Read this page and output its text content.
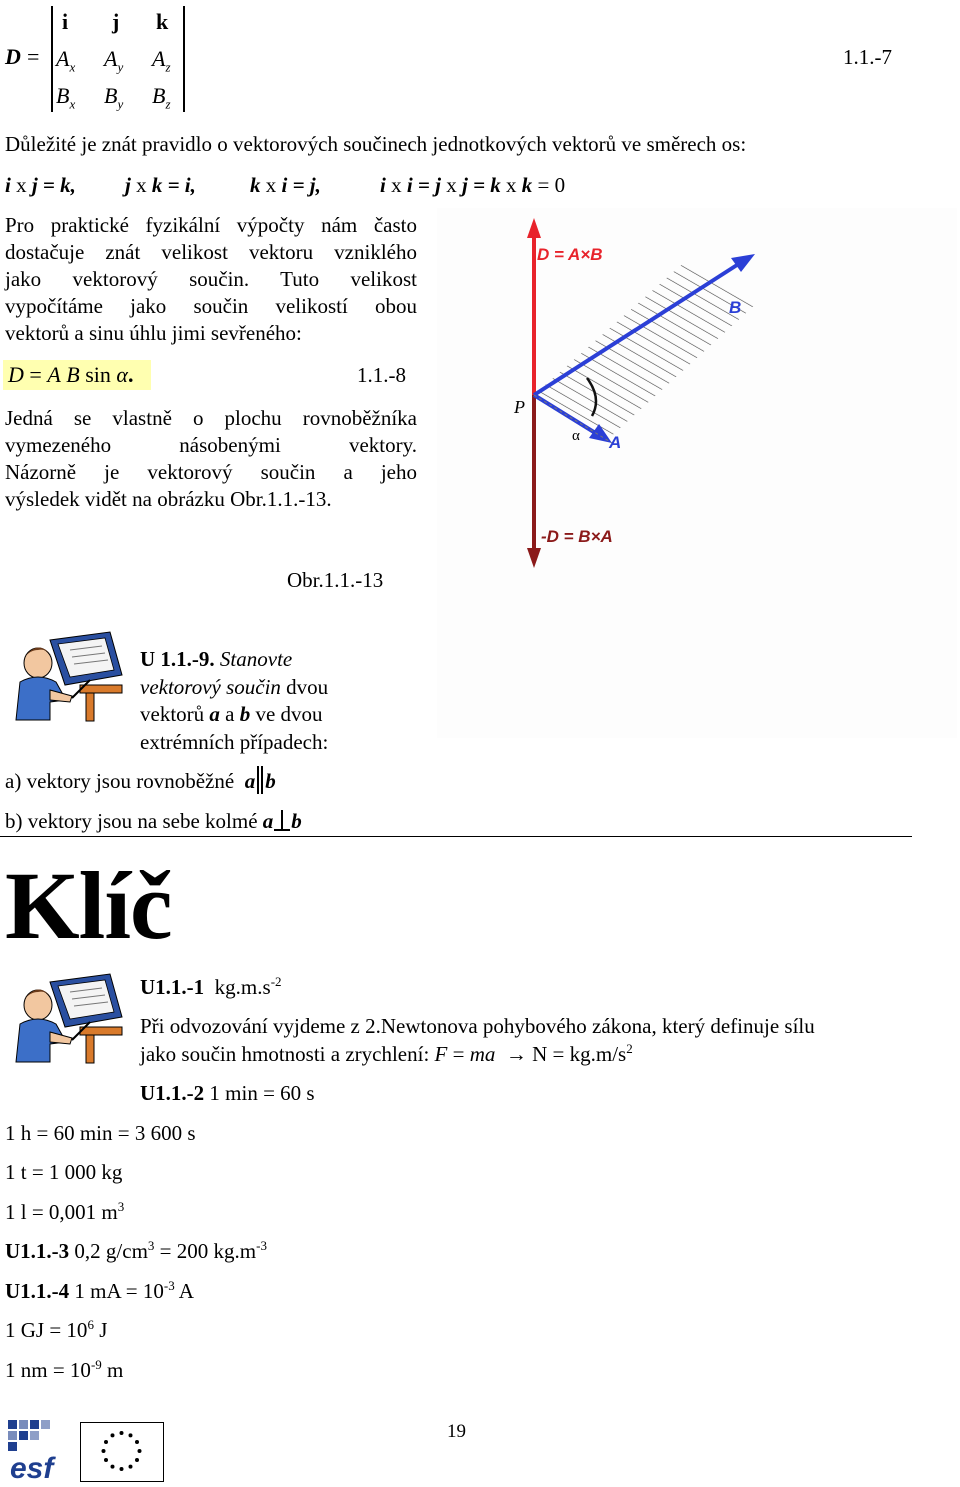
D =
i j k
$A_x$ $A_y$ $A_z$
$B_x$ $B_y$ $B_z$
1.1.-7
Důležité je znát pravidlo o vektorových součinech jednotkových vektorů ve směrech os:
i x j = k, j x k = i,	k x i = j,	i x i = j x j = k x k = 0
Pro praktické fyzikální výpočty nám často
dostačuje znát velikost vektoru vzniklého
jako vektorový součin. Tuto velikost
vypočítáme jako součin velikostí obou
vektorů a sinu úhlu jimi sevřeného:
D = A B sin α.	1.1.-8
Jedná se vlastně o plochu rovnoběžníka
vymezeného násobenými vektory.
Názorně je vektorový součin a jeho
výsledek vidět na obrázku Obr.1.1.-13.
D = A×B
B
P
α A
-D = B×A
Obr.1.1.-13
U 1.1.-9. Stanovte
vektorový součin dvou
vektorů a a b ve dvou
extrémních případech:
a) vektory jsou rovnoběžné a b
b) vektory jsou na sebe kolmé a b
Klíč
U1.1.-1 $kg.m.s^{-2}$
Při odvozování vyjdeme z 2.Newtonova pohybového zákona, který definuje sílu
jako součin hmotnosti a zrychlení: F = ma → $N = kg.m/s^2$
U1.1.-2 1 min = 60 s
1 h = 60 min = 3 600 s
1 t = 1 000 kg
1 l = 0,001 $m^3$
U1.1.-3 0,2 $g/cm^3 = 200$ $kg.m^{-3}$
U1.1.-4 1 mA = $10^{-3}$ A
1 GJ = $10^6$ J
1 nm = $10^{-9}$ m
19
esf
